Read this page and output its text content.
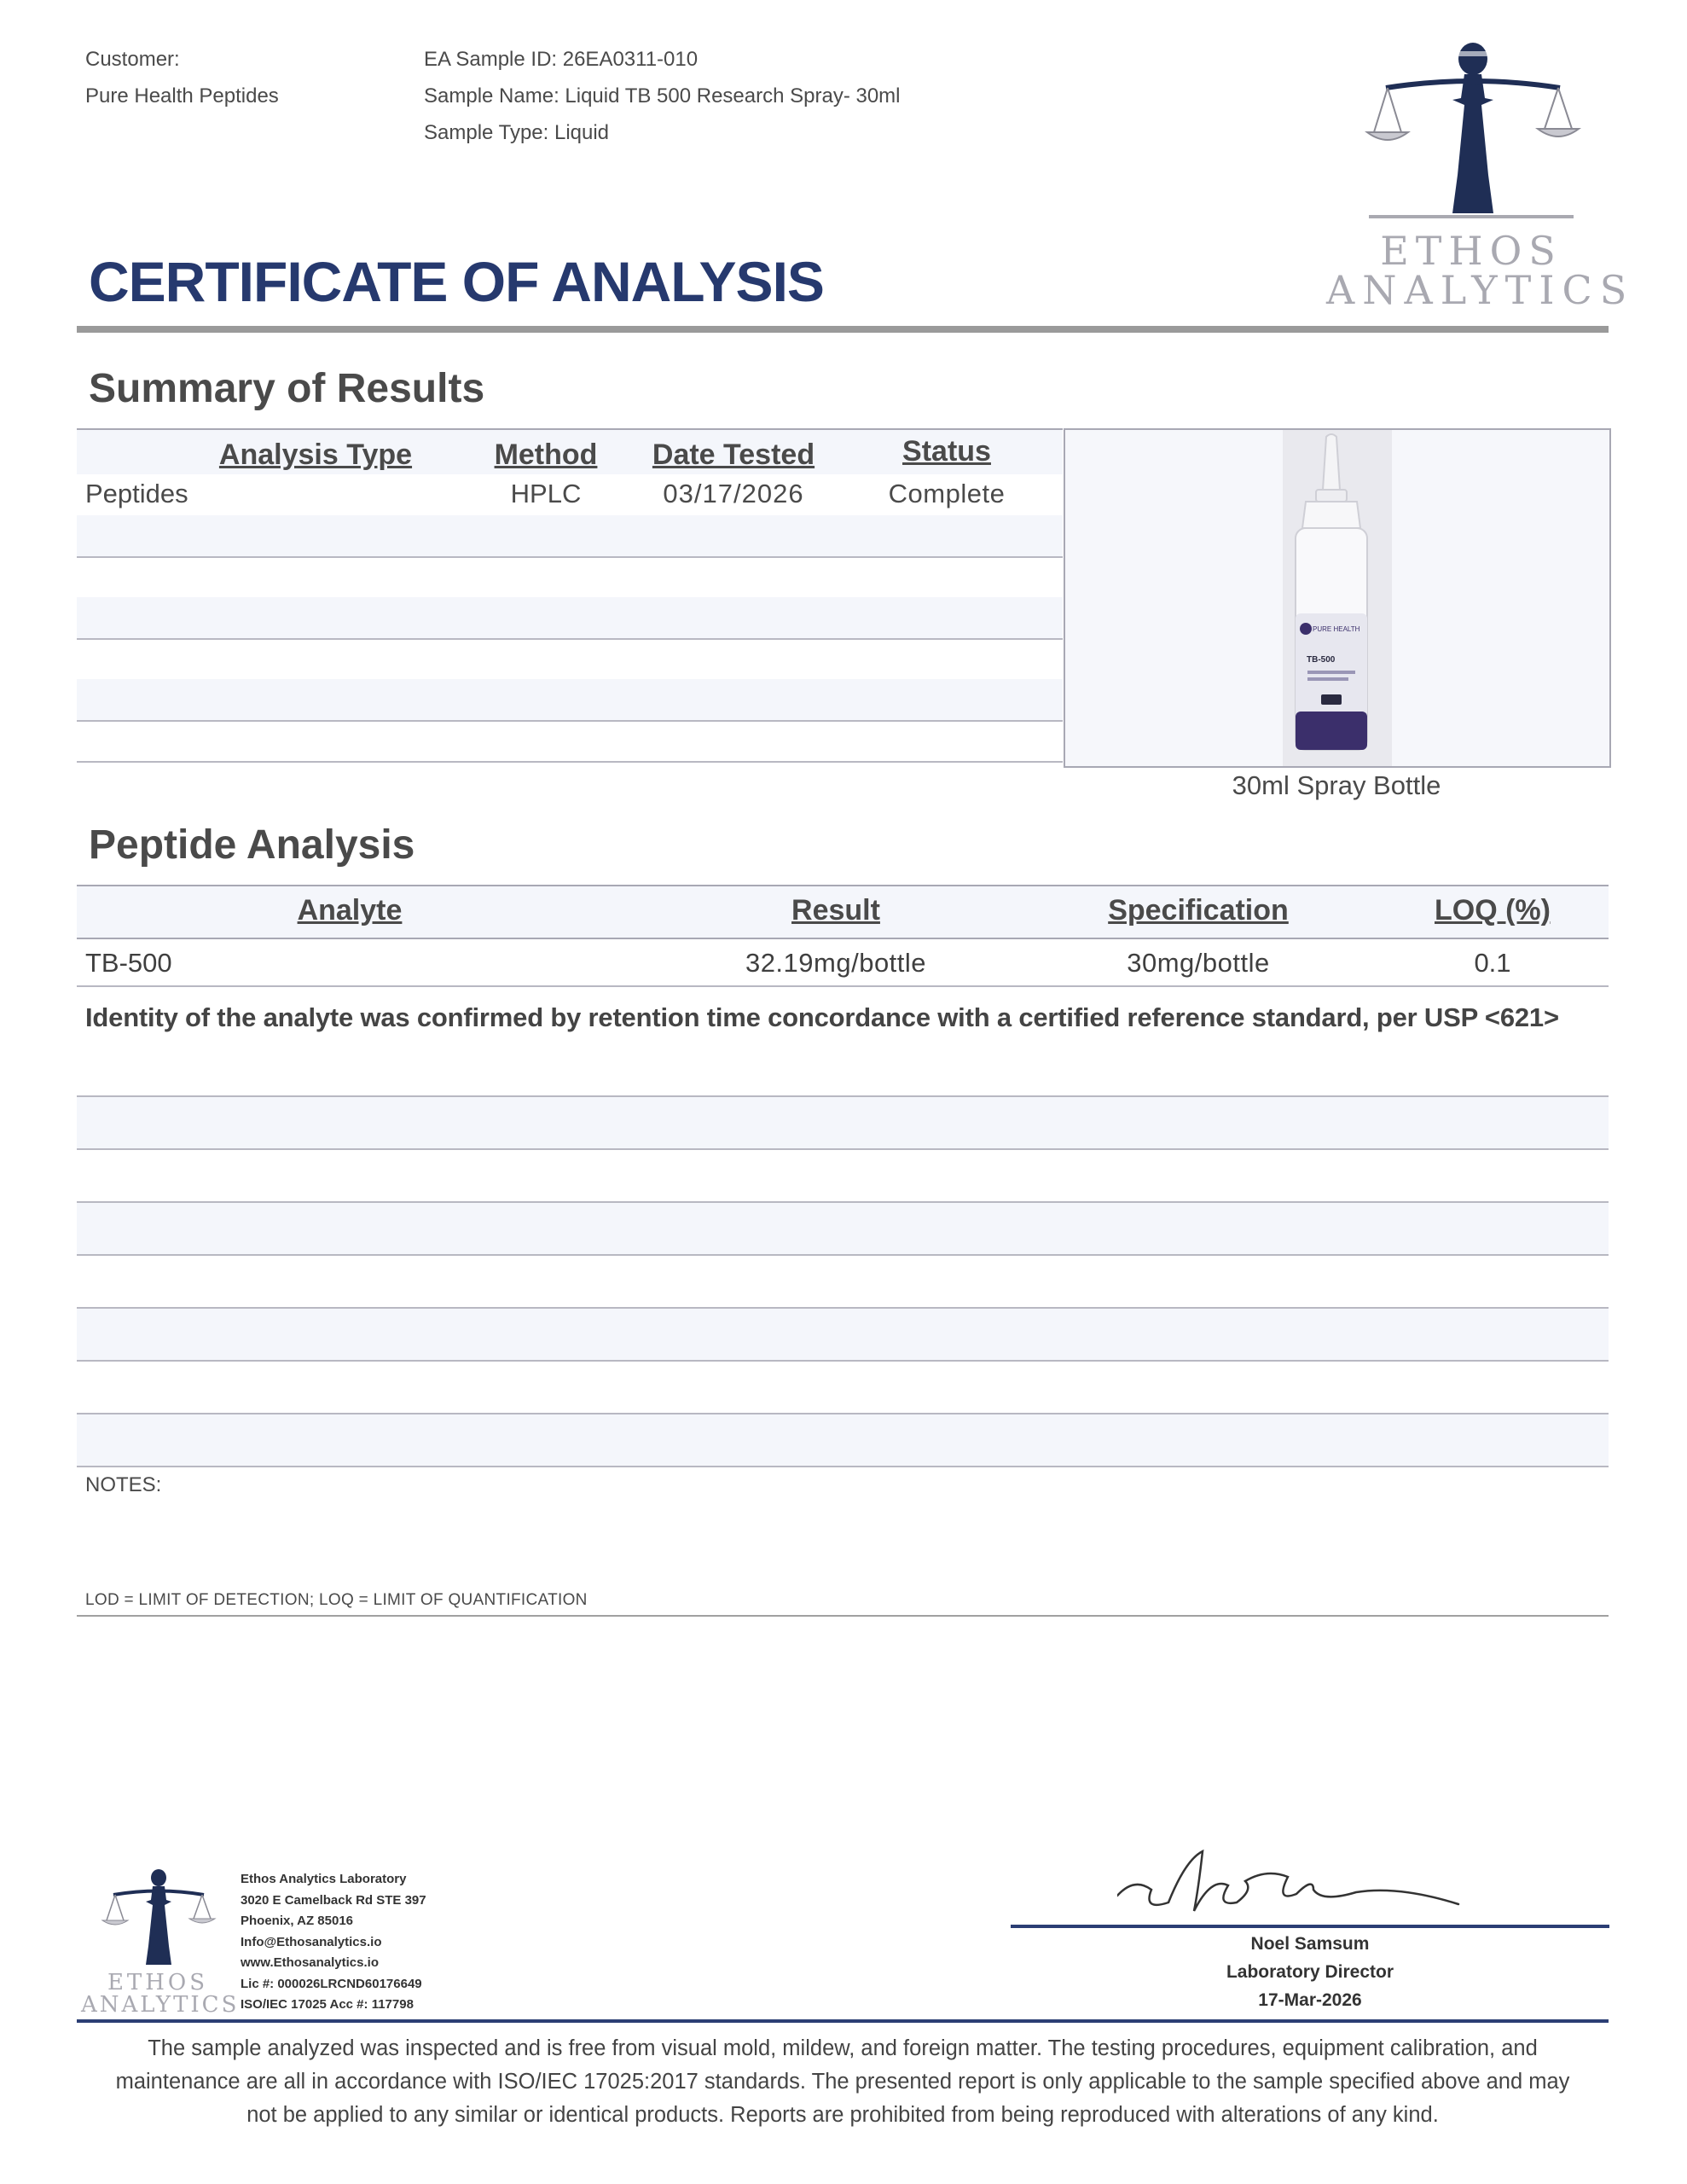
Customer:
Pure Health Peptides
EA Sample ID: 26EA0311-010
Sample Name: Liquid TB 500 Research Spray- 30ml
Sample Type: Liquid
ETHOS
ANALYTICS
CERTIFICATE OF ANALYSIS
Summary of Results
Analysis Type	Method	Date Tested	Status
Peptides	HPLC	03/17/2026	Complete
PURE HEALTH
TB-500
30ml Spray Bottle
Peptide Analysis
Analyte	Result	Specification	LOQ (%)
TB-500	32.19mg/bottle	30mg/bottle	0.1
Identity of the analyte was confirmed by retention time concordance with a certified reference standard, per USP <621>
NOTES:
LOD = LIMIT OF DETECTION; LOQ = LIMIT OF QUANTIFICATION
ETHOS
ANALYTICS
Ethos Analytics Laboratory
3020 E Camelback Rd STE 397
Phoenix, AZ 85016
Info@Ethosanalytics.io
www.Ethosanalytics.io
Lic #: 000026LRCND60176649
ISO/IEC 17025 Acc #: 117798
Noel Samsum
Laboratory Director
17-Mar-2026
The sample analyzed was inspected and is free from visual mold, mildew, and foreign matter. The testing procedures, equipment calibration, and
maintenance are all in accordance with ISO/IEC 17025:2017 standards. The presented report is only applicable to the sample specified above and may
not be applied to any similar or identical products. Reports are prohibited from being reproduced with alterations of any kind.
